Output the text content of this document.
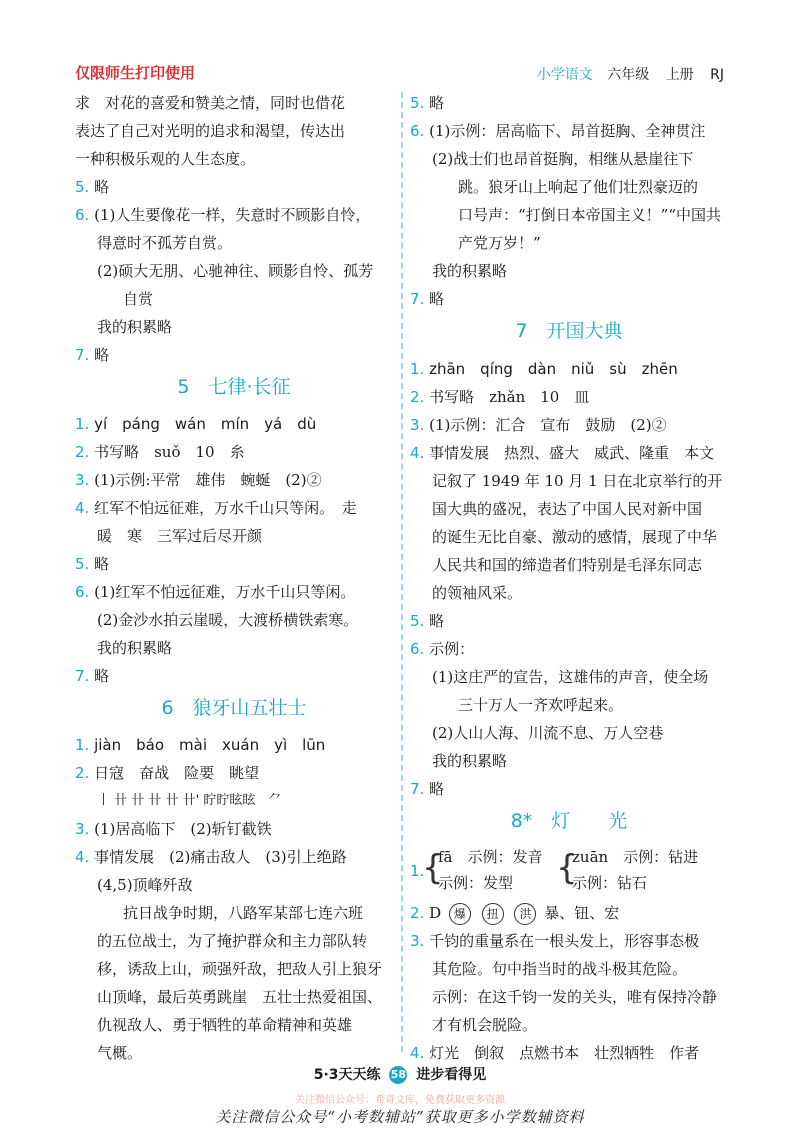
仅限师生打印使用	小学语文 六年级 上册 RJ
求　对花的喜爱和赞美之情，同时也借花
表达了自己对光明的追求和渴望，传达出
一种积极乐观的人生态度。
5. 略
6. (1)人生要像花一样，失意时不顾影自怜，
得意时不孤芳自赏。
(2)硕大无朋、心驰神往、顾影自怜、孤芳
自赏
我的积累略
7. 略
5　七律·长征
1. yí　páng　wán　mín　yá　dù
2. 书写略　suǒ　10　糸
3. (1)示例:平常　雄伟　蜿蜒　(2)②
4. 红军不怕远征难，万水千山只等闲。　走
暖　寒　三军过后尽开颜
5. 略
6. (1)红军不怕远征难，万水千山只等闲。
(2)金沙水拍云崖暖，大渡桥横铁索寒。
我的积累略
7. 略
6　狼牙山五壮士
1. jiàn　báo　mài　xuán　yì　lūn
2. 日寇　奋战　险要　眺望
丨 卄 卄 卄 卄 卄' 眝眝眩眩　⺈
3. (1)居高临下　(2)斩钉截铁
4. 事情发展　(2)痛击敌人　(3)引上绝路
(4,5)顶峰歼敌
抗日战争时期，八路军某部七连六班
的五位战士，为了掩护群众和主力部队转
移，诱敌上山，顽强歼敌，把敌人引上狼牙
山顶峰，最后英勇跳崖　五壮士热爱祖国、
仇视敌人、勇于牺牲的革命精神和英雄
气概。
5. 略
6. (1)示例：居高临下、昂首挺胸、全神贯注
(2)战士们也昂首挺胸，相继从悬崖往下
跳。狼牙山上响起了他们壮烈豪迈的
口号声：“打倒日本帝国主义！”“中国共
产党万岁！”
我的积累略
7. 略
7　开国大典
1. zhān　qíng　dàn　niǔ　sù　zhēn
2. 书写略　zhǎn　10　皿
3. (1)示例：汇合　宣布　鼓励　(2)②
4. 事情发展　热烈、盛大　威武、隆重　本文
记叙了 1949 年 10 月 1 日在北京举行的开
国大典的盛况，表达了中国人民对新中国
的诞生无比自豪、激动的感情，展现了中华
人民共和国的缔造者们特别是毛泽东同志
的领袖风采。
5. 略
6. 示例：
(1)这庄严的宣告，这雄伟的声音，使全场
三十万人一齐欢呼起来。
(2)人山人海、川流不息、万人空巷
我的积累略
7. 略
8*　灯　　光
1.
{
fā　示例：发音
示例：发型 {
zuān　示例：钻进
示例：钻石
2. D 爆 扭 洪 暴、钮、宏
3. 千钧的重量系在一根头发上，形容事态极
其危险。句中指当时的战斗极其危险。
示例：在这千钧一发的关头，唯有保持冷静
才有机会脱险。
4. 灯光　倒叙　点燃书本　壮烈牺牲　作者
5·3天天练 58 进步看得见
关注微信公众号：希奇文库，免费获取更多资源
关注微信公众号“小考数辅站”获取更多小学数辅资料
